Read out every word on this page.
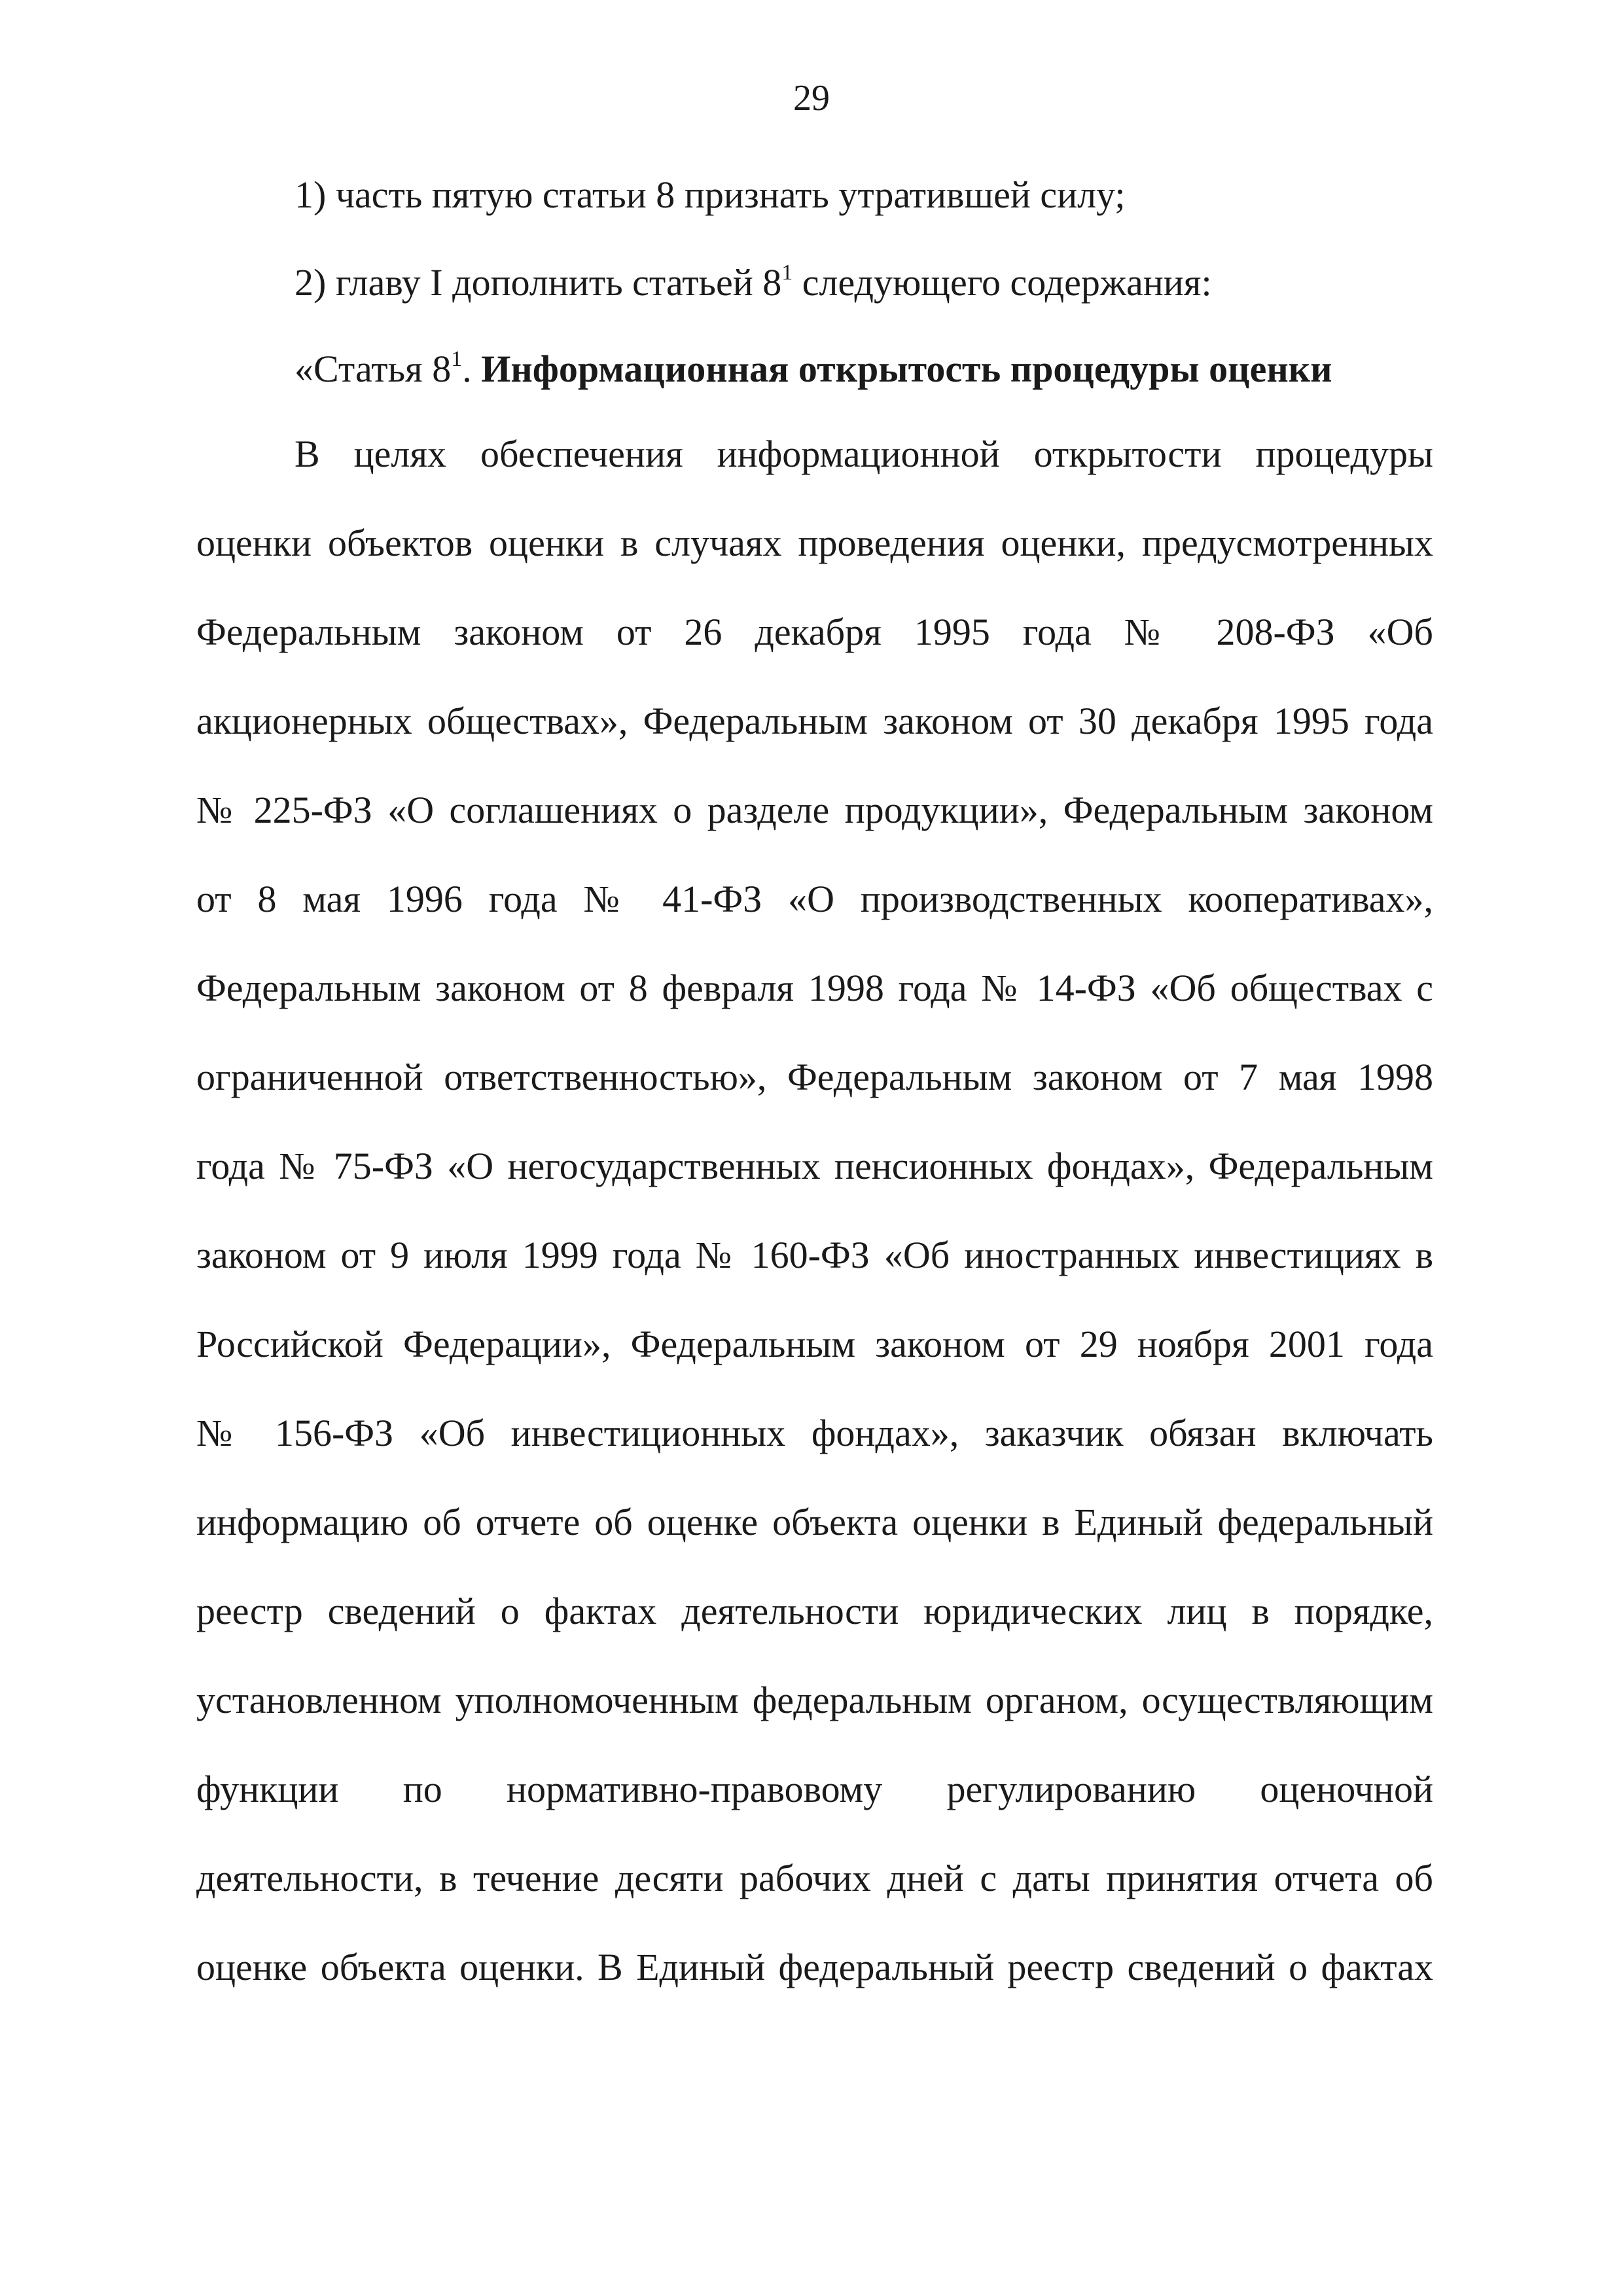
29
1) часть пятую статьи 8 признать утратившей силу;
2) главу I дополнить статьей $8^1$ следующего содержания:
«Статья $8^1$. Информационная открытость процедуры оценки
В целях обеспечения информационной открытости процедуры
оценки объектов оценки в случаях проведения оценки, предусмотренных
Федеральным законом от 26 декабря 1995 года № 208-ФЗ «Об
акционерных обществах», Федеральным законом от 30 декабря 1995 года
№ 225-ФЗ «О соглашениях о разделе продукции», Федеральным законом
от 8 мая 1996 года № 41-ФЗ «О производственных кооперативах»,
Федеральным законом от 8 февраля 1998 года № 14-ФЗ «Об обществах с
ограниченной ответственностью», Федеральным законом от 7 мая 1998
года № 75-ФЗ «О негосударственных пенсионных фондах», Федеральным
законом от 9 июля 1999 года № 160-ФЗ «Об иностранных инвестициях в
Российской Федерации», Федеральным законом от 29 ноября 2001 года
№ 156-ФЗ «Об инвестиционных фондах», заказчик обязан включать
информацию об отчете об оценке объекта оценки в Единый федеральный
реестр сведений о фактах деятельности юридических лиц в порядке,
установленном уполномоченным федеральным органом, осуществляющим
функции по нормативно-правовому регулированию оценочной
деятельности, в течение десяти рабочих дней с даты принятия отчета об
оценке объекта оценки. В Единый федеральный реестр сведений о фактах
